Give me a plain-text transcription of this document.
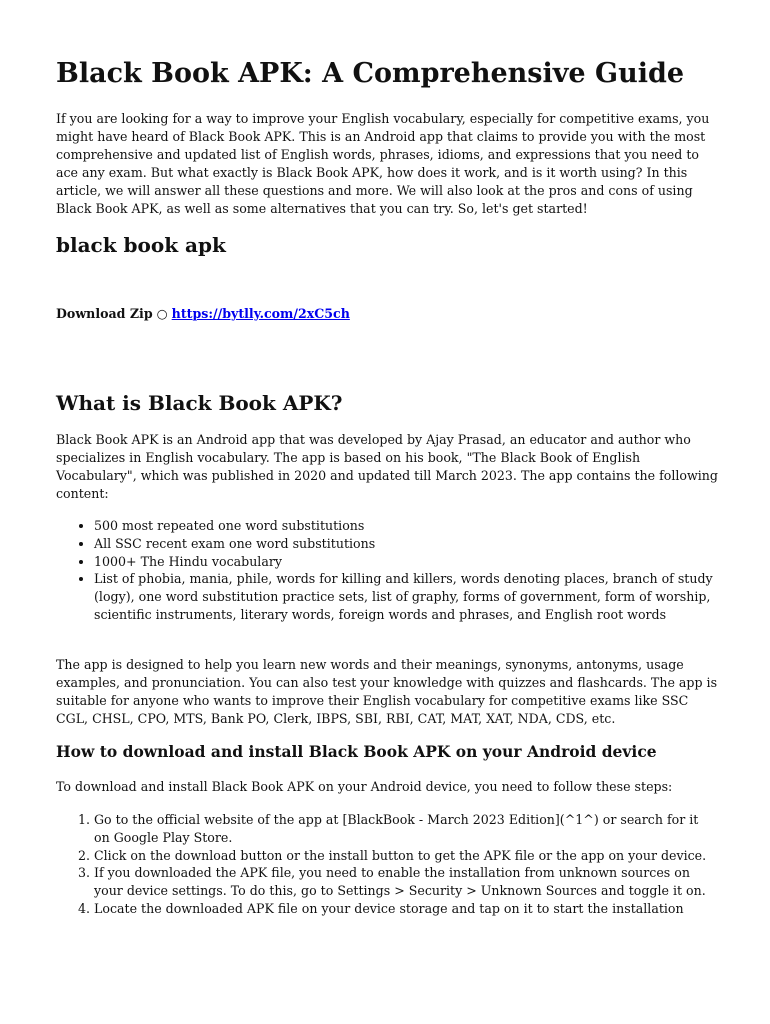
Black Book APK: A Comprehensive Guide

If you are looking for a way to improve your English vocabulary, especially for competitive exams, you might have heard of Black Book APK. This is an Android app that claims to provide you with the most comprehensive and updated list of English words, phrases, idioms, and expressions that you need to ace any exam. But what exactly is Black Book APK, how does it work, and is it worth using? In this article, we will answer all these questions and more. We will also look at the pros and cons of using Black Book APK, as well as some alternatives that you can try. So, let's get started!

black book apk

Download Zip ○ https://bytlly.com/2xC5ch

What is Black Book APK?

Black Book APK is an Android app that was developed by Ajay Prasad, an educator and author who specializes in English vocabulary. The app is based on his book, "The Black Book of English Vocabulary", which was published in 2020 and updated till March 2023. The app contains the following content:

• 500 most repeated one word substitutions
• All SSC recent exam one word substitutions
• 1000+ The Hindu vocabulary
• List of phobia, mania, phile, words for killing and killers, words denoting places, branch of study (logy), one word substitution practice sets, list of graphy, forms of government, form of worship, scientific instruments, literary words, foreign words and phrases, and English root words

The app is designed to help you learn new words and their meanings, synonyms, antonyms, usage examples, and pronunciation. You can also test your knowledge with quizzes and flashcards. The app is suitable for anyone who wants to improve their English vocabulary for competitive exams like SSC CGL, CHSL, CPO, MTS, Bank PO, Clerk, IBPS, SBI, RBI, CAT, MAT, XAT, NDA, CDS, etc.

How to download and install Black Book APK on your Android device

To download and install Black Book APK on your Android device, you need to follow these steps:

1. Go to the official website of the app at [BlackBook - March 2023 Edition](^1^) or search for it on Google Play Store.
2. Click on the download button or the install button to get the APK file or the app on your device.
3. If you downloaded the APK file, you need to enable the installation from unknown sources on your device settings. To do this, go to Settings > Security > Unknown Sources and toggle it on.
4. Locate the downloaded APK file on your device storage and tap on it to start the installation
